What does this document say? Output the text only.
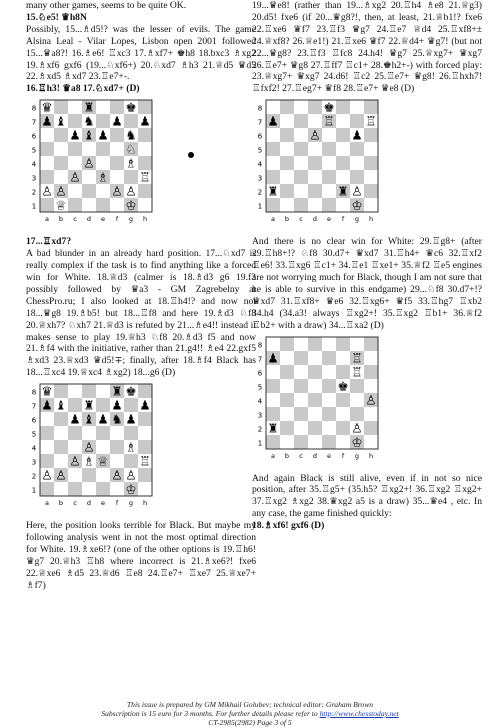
many other games, seems to be quite OK.

15.♘e5! ♛h8N

Possibly, 15...♗d5!? was the lesser of evils. The game Alsina Leal - Vilar Lopes, Lisbon open 2001 followed 15...♛a8?! 16.♗e6! ♖xc3 17.♗xf7+ ♚h8 18.bxc3 ♗xg2 19.♗xf6 gxf6 (19...♘xf6+) 20.♘xd7 ♗h3 21.♕d5 ♛d5 22.♗xd5 ♗xd7 23.♖e7+-.

16.♖h3! ♛a8 17.♘xd7+ (D)

♛ ♜ ♚
8
♟ ♝ ♞ ♟ ♟
7
♟ ♝ ♟ ♞
6
♘
5
♙ ♗
4
♙ ♗ ♖
3
♙ ♙	♙ ♙
2
♕	♔
1
a b c d e f g h

17...♖xd7?

A bad blunder in an already hard position. 17...♘xd7 is really complex if the task is to find anything like a forced win for White. 18.♕d3 (calmer is 18.♗d3 g6 19.f3 possibly followed by ♛a3 - GM Zagrebelny at ChessPro.ru; I also looked at 18.♖h4!? and now not 18...♛g8 19.♗b5! but 18...♖f8 and here 19.♗d3 ♘f8 20.♕xh7? ♘xh7 21.♕d3 is refuted by 21...♗e4!! instead it makes sense to play 19.♕h3 ♘f8 20.♗d3 f5 and now 21.♗f4 with the initiative, rather than 21.g4!! ♗e4 22.gxf5 ♗xd3 23.♕xd3 ♛d5!∓; finally, after 18.♗f4 Black has 18...♖xc4 19.♕xc4 ♗xg2) 18...g6 (D)

♛	♜ ♚
8
♟ ♝ ♜ ♟ ♟
7
♟ ♝ ♟ ♞ ♟
6
5
♙ ♗
4
♙ ♗ ♕ ♖
3
♙ ♙	♙ ♙
2
♔
1
a b c d e f g h

Here, the position looks terrible for Black. But maybe my following analysis went in not the most optimal direction for White. 19.♗xe6!? (one of the other options is 19.♖h6! ♛g7 20.♕h3 ♖h8 where incorrect is 21.♗xe6?! fxe6 22.♕xe6 ♗d5 23.♕d6 ♖e8 24.♖e7+ ♖xe7 25.♕xe7+ ♗f7)

19...♛e8! (rather than 19...♗xg2 20.♖h4 ♗e8 21.♕g3) 20.d5! fxe6 (if 20...♛g8?!, then, at least, 21.♕b1!? fxe6 22.♖xe6 ♛f7 23.♖f3 ♛g7 24.♖e7 ♕d4 25.♖xf8+± 24.♕xf8? 26.♕e1!) 21.♖xe6 ♛f7 22.♕d4+ ♛g7! (but not 22...♛g8? 23.♖f3 ♖fc8 24.h4! ♛g7 25.♕xg7+ ♛xg7 26.♖e7+ ♛g8 27.♖ff7 ♖c1+ 28.♚h2+-) with forced play: 23.♕xg7+ ♛xg7 24.d6! ♖c2 25.♖e7+ ♛g8! 26.♖hxh7! ♖fxf2! 27.♖eg7+ ♛f8 28.♖e7+ ♛e8 (D)

♚
8
♟	♖ ♖
7
♙ ♟
6
5
4
3
♜	♜ ♙
2
♔
1
a b c d e f g h

And there is no clear win for White: 29.♖g8+ (after 29.♖h8+!? ♘f8 30.d7+ ♛xd7 31.♖h4+ ♛c6 32.♖xf2 ♖e6! 33.♖xg6 ♖c1+ 34.♖e1 ♖xe1+ 35.♕f2 ♖e5 engines are not worrying much for Black, though I am not sure that he is able to survive in this endgame) 29...♘f8 30.d7+!? ♛xd7 31.♖xf8+ ♛e6 32.♖xg6+ ♛f5 33.♖hg7 ♖xb2 34.h4 (34.a3! always ♖xg2+! 35.♖xg2 ♖b1+ 36.♕f2 ♖b2+ with a draw) 34...♖xa2 (D)

8
♟	♖
7
♖
6
♚
5
♙
4
3
♜	♙
2
♔
1
a b c d e f g h

And again Black is still alive, even if in not so nice position, after 35.♖g5+ (35.h5? ♖xg2+! 36.♖xg2 ♖xg2+ 37.♖xg2 ♗xg2 38.♛xg2 a5 is a draw) 35...♛e4 , etc. In any case, the game finished quickly:

18.♗xf6! gxf6 (D)

This issue is prepared by GM Mikhail Golubev; technical editor: Graham Brown
Subscription is 15 euro for 3 months. For further details please refer to http://www.chesstoday.net
CT-2985(2982) Page 3 of 5
